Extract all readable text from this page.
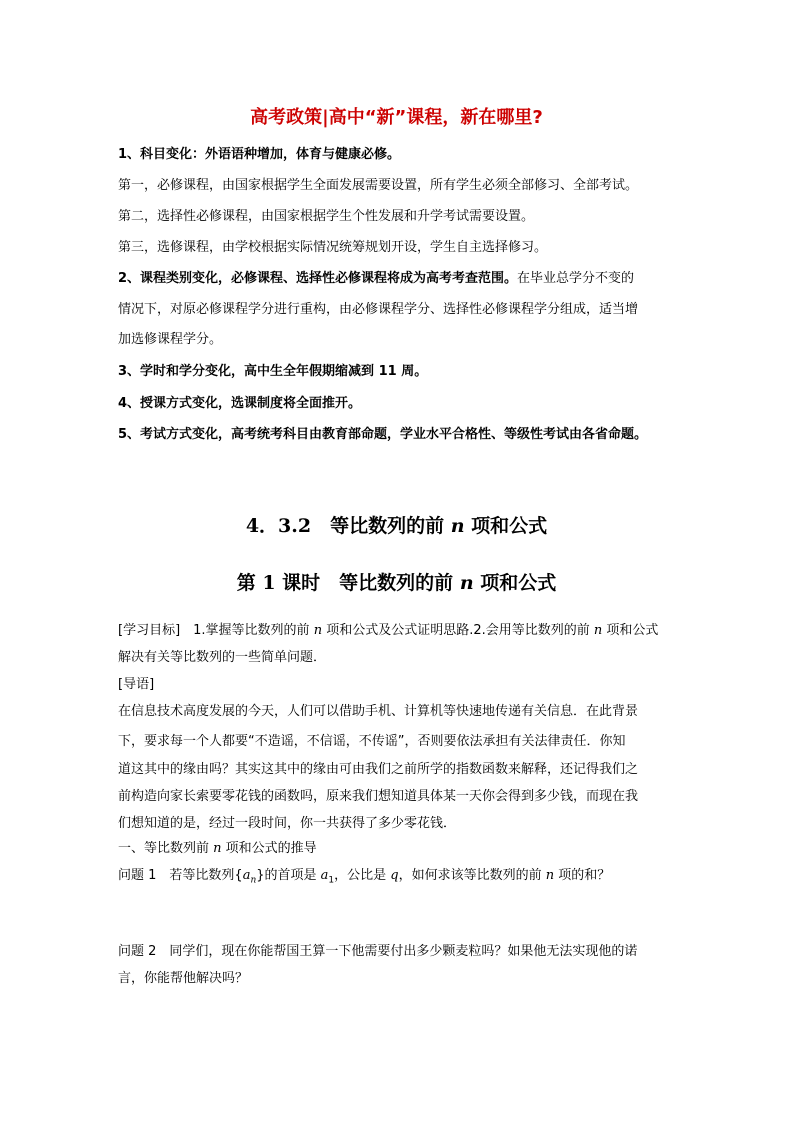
高考政策|高中“新”课程，新在哪里?
1、科目变化：外语语种增加，体育与健康必修。
第一，必修课程，由国家根据学生全面发展需要设置，所有学生必须全部修习、全部考试。
第二，选择性必修课程，由国家根据学生个性发展和升学考试需要设置。
第三，选修课程，由学校根据实际情况统筹规划开设，学生自主选择修习。
2、课程类别变化，必修课程、选择性必修课程将成为高考考查范围。在毕业总学分不变的
情况下，对原必修课程学分进行重构，由必修课程学分、选择性必修课程学分组成，适当增
加选修课程学分。
3、学时和学分变化，高中生全年假期缩减到 11 周。
4、授课方式变化，选课制度将全面推开。
5、考试方式变化，高考统考科目由教育部命题，学业水平合格性、等级性考试由各省命题。
4．3.2　等比数列的前 n 项和公式
第 1 课时　等比数列的前 n 项和公式
[学习目标]　1.掌握等比数列的前 n 项和公式及公式证明思路.2.会用等比数列的前 n 项和公式
解决有关等比数列的一些简单问题．
[导语]
在信息技术高度发展的今天，人们可以借助手机、计算机等快速地传递有关信息．在此背景
下，要求每一个人都要“不造谣，不信谣，不传谣”，否则要依法承担有关法律责任．你知
道这其中的缘由吗？其实这其中的缘由可由我们之前所学的指数函数来解释，还记得我们之
前构造向家长索要零花钱的函数吗，原来我们想知道具体某一天你会得到多少钱，而现在我
们想知道的是，经过一段时间，你一共获得了多少零花钱．
一、等比数列前 n 项和公式的推导
问题 1　若等比数列$\{a_n\}$的首项是 $a_1$，公比是 q，如何求该等比数列的前 n 项的和？
问题 2　同学们，现在你能帮国王算一下他需要付出多少颗麦粒吗？如果他无法实现他的诺
言，你能帮他解决吗？
